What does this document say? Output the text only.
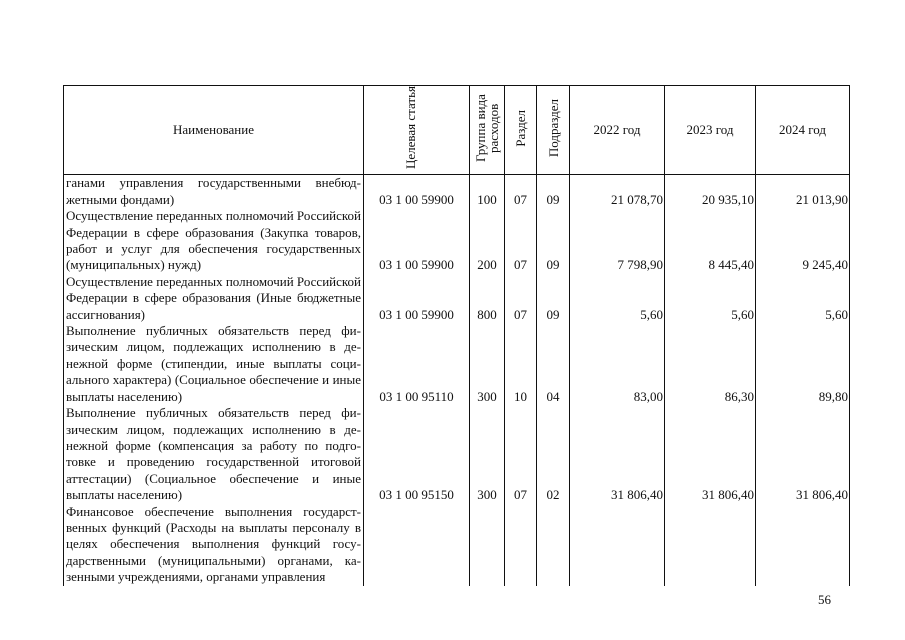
Наименование	Целевая статья	Группа вида расходов	Раздел	Подраздел	2022 год	2023 год	2024 год
ганами управления государственными внебюджетными фондами)	03 1 00 59900	100	07	09	21 078,70	20 935,10	21 013,90
Осуществление переданных полномочий Российской Федерации в сфере образования (Закупка товаров, работ и услуг для обеспечения государственных (муниципальных) нужд)	03 1 00 59900	200	07	09	7 798,90	8 445,40	9 245,40
Осуществление переданных полномочий Российской Федерации в сфере образования (Иные бюджетные ассигнования)	03 1 00 59900	800	07	09	5,60	5,60	5,60
Выполнение публичных обязательств перед физическим лицом, подлежащих исполнению в денежной форме (стипендии, иные выплаты социального характера) (Социальное обеспечение и иные выплаты населению)	03 1 00 95110	300	10	04	83,00	86,30	89,80
Выполнение публичных обязательств перед физическим лицом, подлежащих исполнению в денежной форме (компенсация за работу по подготовке и проведению государственной итоговой аттестации) (Социальное обеспечение и иные выплаты населению)	03 1 00 95150	300	07	02	31 806,40	31 806,40	31 806,40
Финансовое обеспечение выполнения государственных функций (Расходы на выплаты персоналу в целях обеспечения выполнения функций государственными (муниципальными) органами, казенными учреждениями, органами управления							
56
